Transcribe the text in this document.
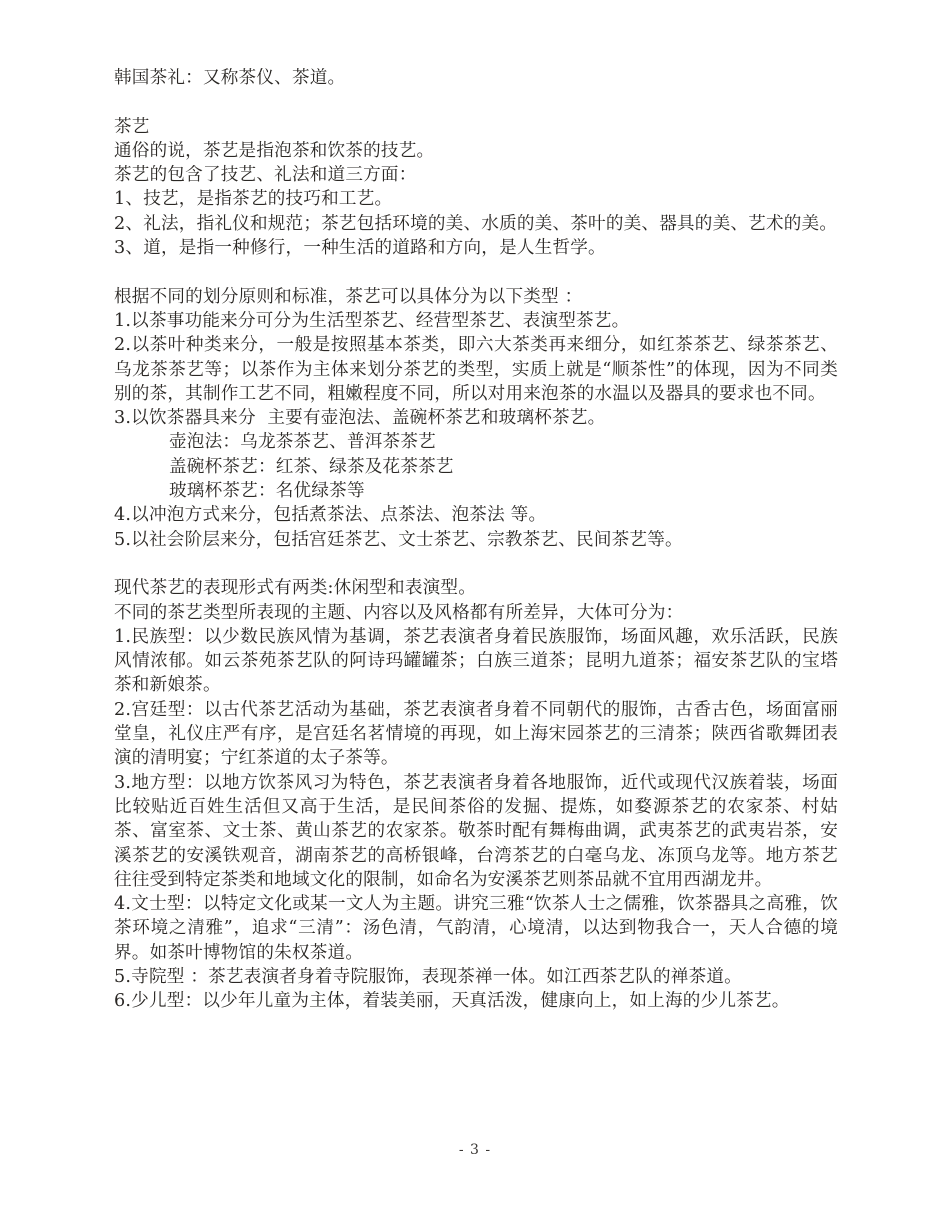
韩国茶礼：又称茶仪、茶道。
茶艺
通俗的说，茶艺是指泡茶和饮茶的技艺。
茶艺的包含了技艺、礼法和道三方面：
1、技艺，是指茶艺的技巧和工艺。
2、礼法，指礼仪和规范；茶艺包括环境的美、水质的美、茶叶的美、器具的美、艺术的美。
3、道，是指一种修行，一种生活的道路和方向，是人生哲学。
根据不同的划分原则和标准，茶艺可以具体分为以下类型 ：
1.以茶事功能来分可分为生活型茶艺、经营型茶艺、表演型茶艺。
2.以茶叶种类来分，一般是按照基本茶类，即六大茶类再来细分，如红茶茶艺、绿茶茶艺、乌龙茶茶艺等；以茶作为主体来划分茶艺的类型，实质上就是“顺茶性”的体现，因为不同类别的茶，其制作工艺不同，粗嫩程度不同，所以对用来泡茶的水温以及器具的要求也不同。
3.以饮茶器具来分  主要有壶泡法、盖碗杯茶艺和玻璃杯茶艺。
壶泡法：乌龙茶茶艺、普洱茶茶艺
盖碗杯茶艺：红茶、绿茶及花茶茶艺
玻璃杯茶艺：名优绿茶等
4.以冲泡方式来分，包括煮茶法、点茶法、泡茶法 等。
5.以社会阶层来分，包括宫廷茶艺、文士茶艺、宗教茶艺、民间茶艺等。
现代茶艺的表现形式有两类:休闲型和表演型。
不同的茶艺类型所表现的主题、内容以及风格都有所差异，大体可分为：
1.民族型：以少数民族风情为基调，茶艺表演者身着民族服饰，场面风趣，欢乐活跃，民族风情浓郁。如云茶苑茶艺队的阿诗玛罐罐茶；白族三道茶；昆明九道茶；福安茶艺队的宝塔茶和新娘茶。
2.宫廷型：以古代茶艺活动为基础，茶艺表演者身着不同朝代的服饰，古香古色，场面富丽堂皇，礼仪庄严有序，是宫廷名茗情境的再现，如上海宋园茶艺的三清茶；陕西省歌舞团表演的清明宴；宁红茶道的太子茶等。
3.地方型：以地方饮茶风习为特色，茶艺表演者身着各地服饰，近代或现代汉族着装，场面比较贴近百姓生活但又高于生活，是民间茶俗的发掘、提炼，如婺源茶艺的农家茶、村姑茶、富室茶、文士茶、黄山茶艺的农家茶。敬茶时配有舞梅曲调，武夷茶艺的武夷岩茶，安溪茶艺的安溪铁观音，湖南茶艺的高桥银峰，台湾茶艺的白毫乌龙、冻顶乌龙等。地方茶艺往往受到特定茶类和地域文化的限制，如命名为安溪茶艺则茶品就不宜用西湖龙井。
4.文士型：以特定文化或某一文人为主题。讲究三雅“饮茶人士之儒雅，饮茶器具之高雅，饮茶环境之清雅”，追求“三清”：汤色清，气韵清，心境清，以达到物我合一，天人合德的境界。如茶叶博物馆的朱权茶道。
5.寺院型 ：茶艺表演者身着寺院服饰，表现茶禅一体。如江西茶艺队的禅茶道。
6.少儿型：以少年儿童为主体，着装美丽，天真活泼，健康向上，如上海的少儿茶艺。
- 3 -
